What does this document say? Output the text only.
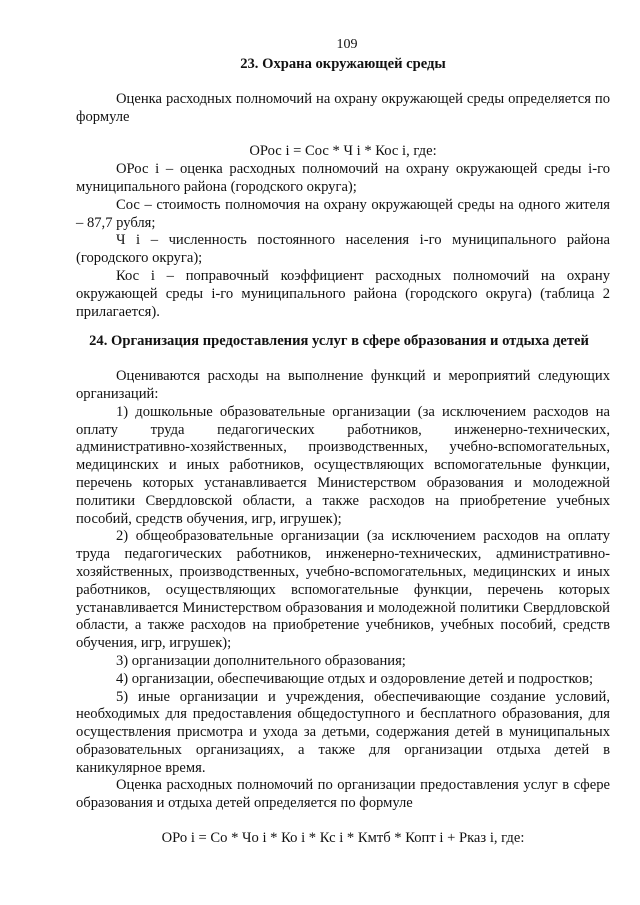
109
23. Охрана окружающей среды

Оценка расходных полномочий на охрану окружающей среды определяется по формуле

ОРос i = Сос * Ч i * Кос i, где:

ОРос i – оценка расходных полномочий на охрану окружающей среды i-го муниципального района (городского округа);

Сос – стоимость полномочия на охрану окружающей среды на одного жителя – 87,7 рубля;

Ч i – численность постоянного населения i-го муниципального района (городского округа);

Кос i – поправочный коэффициент расходных полномочий на охрану окружающей среды i-го муниципального района (городского округа) (таблица 2 прилагается).

24. Организация предоставления услуг в сфере образования и отдыха детей

Оцениваются расходы на выполнение функций и мероприятий следующих организаций:

1) дошкольные образовательные организации (за исключением расходов на оплату труда педагогических работников, инженерно-технических, административно-хозяйственных, производственных, учебно-вспомогательных, медицинских и иных работников, осуществляющих вспомогательные функции, перечень которых устанавливается Министерством образования и молодежной политики Свердловской области, а также расходов на приобретение учебных пособий, средств обучения, игр, игрушек);

2) общеобразовательные организации (за исключением расходов на оплату труда педагогических работников, инженерно-технических, административно-хозяйственных, производственных, учебно-вспомогательных, медицинских и иных работников, осуществляющих вспомогательные функции, перечень которых устанавливается Министерством образования и молодежной политики Свердловской области, а также расходов на приобретение учебников, учебных пособий, средств обучения, игр, игрушек);

3) организации дополнительного образования;

4) организации, обеспечивающие отдых и оздоровление детей и подростков;

5) иные организации и учреждения, обеспечивающие создание условий, необходимых для предоставления общедоступного и бесплатного образования, для осуществления присмотра и ухода за детьми, содержания детей в муниципальных образовательных организациях, а также для организации отдыха детей в каникулярное время.

Оценка расходных полномочий по организации предоставления услуг в сфере образования и отдыха детей определяется по формуле

ОРо i = Со * Чо i * Ко i * Кс i * Кмтб * Копт i + Рказ i, где:
